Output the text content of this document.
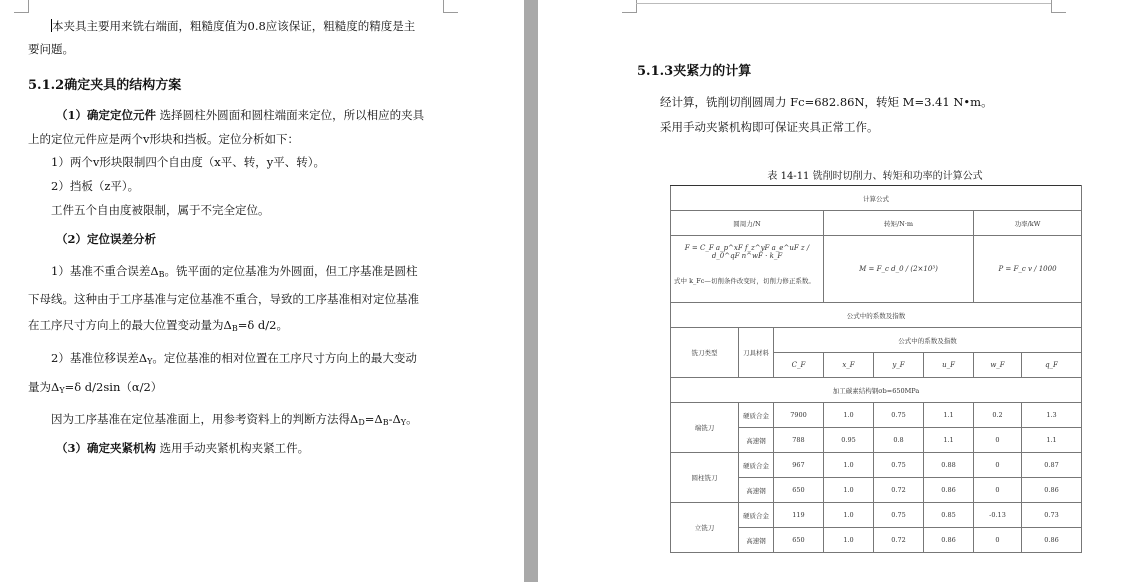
本夹具主要用来铣右端面，粗糙度值为0.8应该保证，粗糙度的精度是主
要问题。
5.1.2确定夹具的结构方案
（1）确定定位元件 选择圆柱外圆面和圆柱端面来定位，所以相应的夹具
上的定位元件应是两个v形块和挡板。定位分析如下：
1）两个v形块限制四个自由度（x平、转，y平、转）。
2）挡板（z平）。
工件五个自由度被限制，属于不完全定位。
（2）定位误差分析
1）基准不重合误差$\Delta_B$。铣平面的定位基准为外圆面，但工序基准是圆柱
下母线。这种由于工序基准与定位基准不重合，导致的工序基准相对定位基准
在工序尺寸方向上的最大位置变动量为$\Delta_B=\delta$ d/2。
2）基准位移误差$\Delta_Y$。定位基准的相对位置在工序尺寸方向上的最大变动
量为$\Delta_Y=\delta$ d/2sin（α/2）
因为工序基准在定位基准面上，用参考资料上的判断方法得$\Delta_D=\Delta_B-\Delta_Y$。
（3）确定夹紧机构 选用手动夹紧机构夹紧工件。
5.1.3夹紧力的计算
经计算，铣削切削圆周力 Fc=682.86N，转矩 M=3.41 N•m。
采用手动夹紧机构即可保证夹具正常工作。
表 14-11 铣削时切削力、转矩和功率的计算公式
计算公式							
圆周力/N			转矩/N·m			功率/kW	

F = C_F a_p^xF f_z^yF a_e^uF z / d_0^qF n^wF · k_F
式中 k_Fc—切削条件改变时，切削力修正系数。			M = F_c d_0 / (2×10³)			P = F_c v / 1000	
公式中的系数及指数							
铣刀类型	刀具材料	公式中的系数及指数					
		C_F	x_F	y_F	u_F	w_F	q_F
加工碳素结构钢σb=650MPa							
端铣刀	硬质合金	7900	1.0	0.75	1.1	0.2	1.3
	高速钢	788	0.95	0.8	1.1	0	1.1
圆柱铣刀	硬质合金	967	1.0	0.75	0.88	0	0.87
	高速钢	650	1.0	0.72	0.86	0	0.86
立铣刀	硬质合金	119	1.0	0.75	0.85	-0.13	0.73
	高速钢	650	1.0	0.72	0.86	0	0.86
